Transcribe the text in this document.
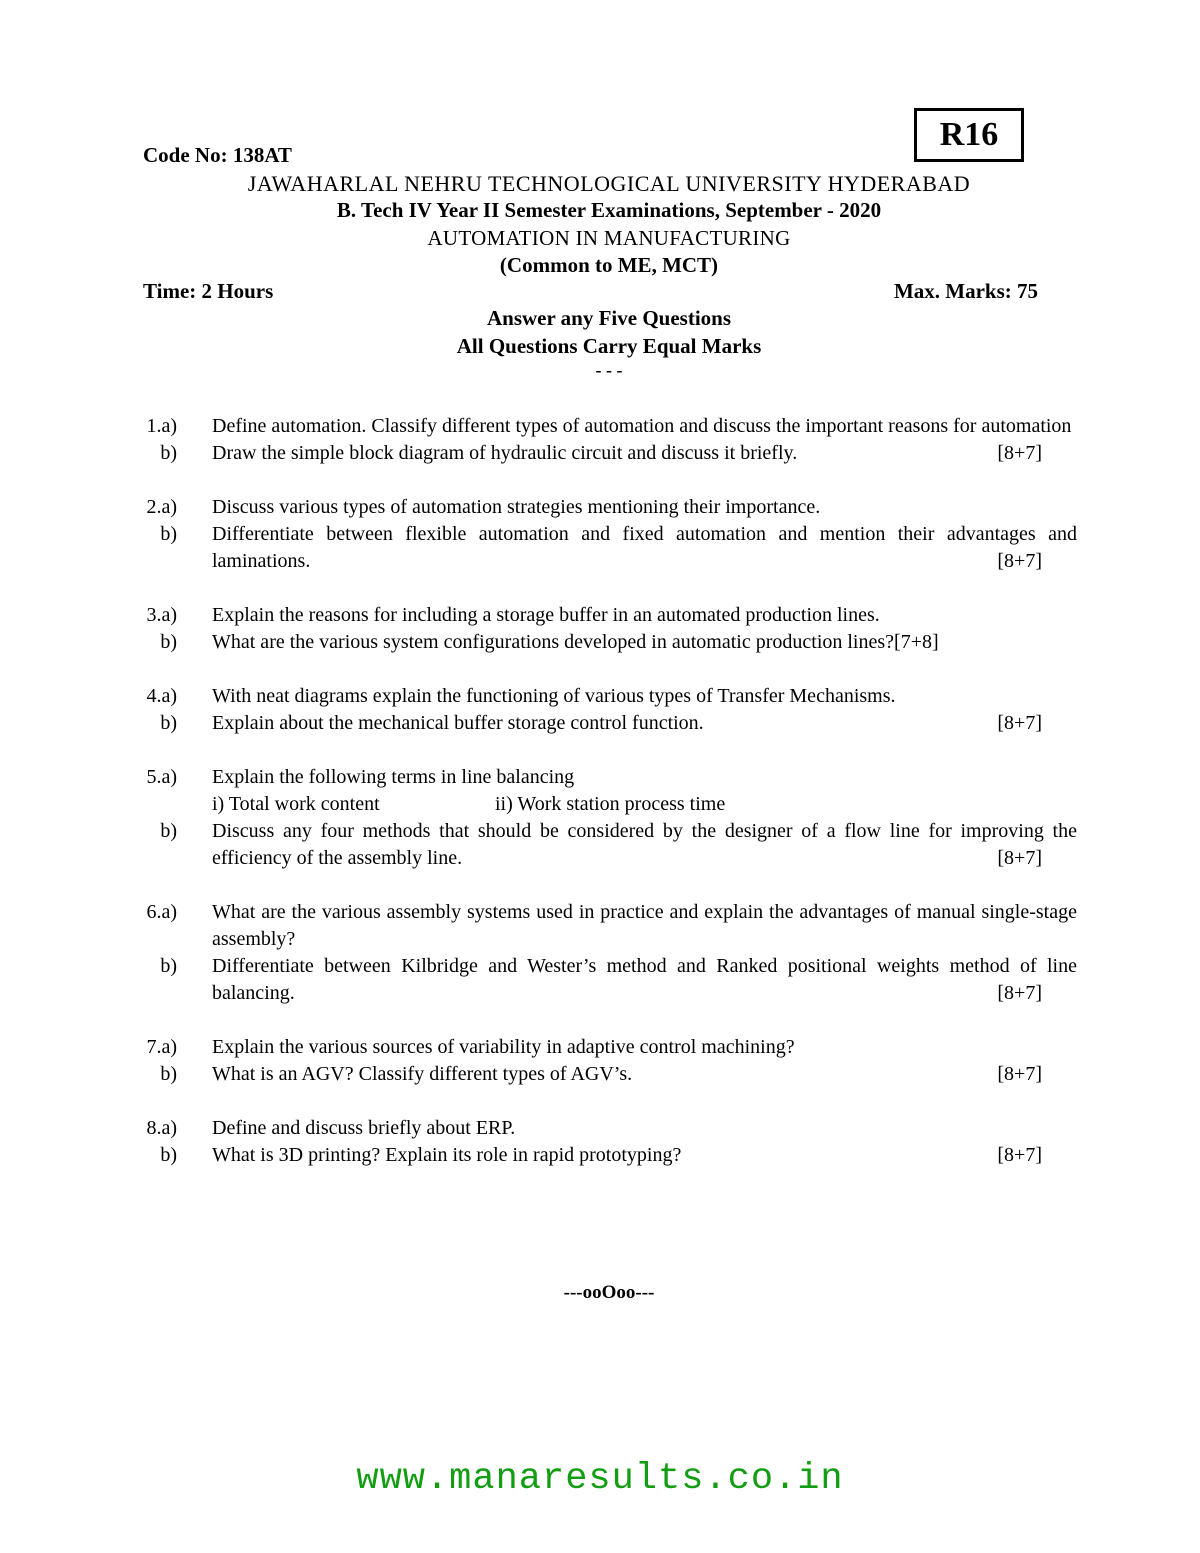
R16
Code No: 138AT
JAWAHARLAL NEHRU TECHNOLOGICAL UNIVERSITY HYDERABAD
B. Tech IV Year II Semester Examinations, September - 2020
AUTOMATION IN MANUFACTURING
(Common to ME, MCT)
Time: 2 Hours	Max. Marks: 75
Answer any Five Questions
All Questions Carry Equal Marks
- - -
1.a) Define automation. Classify different types of automation and discuss the important reasons for automation
b) Draw the simple block diagram of hydraulic circuit and discuss it briefly.	[8+7]
2.a) Discuss various types of automation strategies mentioning their importance.
b) Differentiate between flexible automation and fixed automation and mention their advantages and laminations.	[8+7]
3.a) Explain the reasons for including a storage buffer in an automated production lines.
b) What are the various system configurations developed in automatic production lines?[7+8]
4.a) With neat diagrams explain the functioning of various types of Transfer Mechanisms.
b) Explain about the mechanical buffer storage control function.	[8+7]
5.a) Explain the following terms in line balancing
i) Total work content	ii) Work station process time
b) Discuss any four methods that should be considered by the designer of a flow line for improving the efficiency of the assembly line.	[8+7]
6.a) What are the various assembly systems used in practice and explain the advantages of manual single-stage assembly?
b) Differentiate between Kilbridge and Wester’s method and Ranked positional weights method of line balancing.	[8+7]
7.a) Explain the various sources of variability in adaptive control machining?
b) What is an AGV? Classify different types of AGV’s.	[8+7]
8.a) Define and discuss briefly about ERP.
b) What is 3D printing? Explain its role in rapid prototyping?	[8+7]
---ooOoo---
www.manaresults.co.in
